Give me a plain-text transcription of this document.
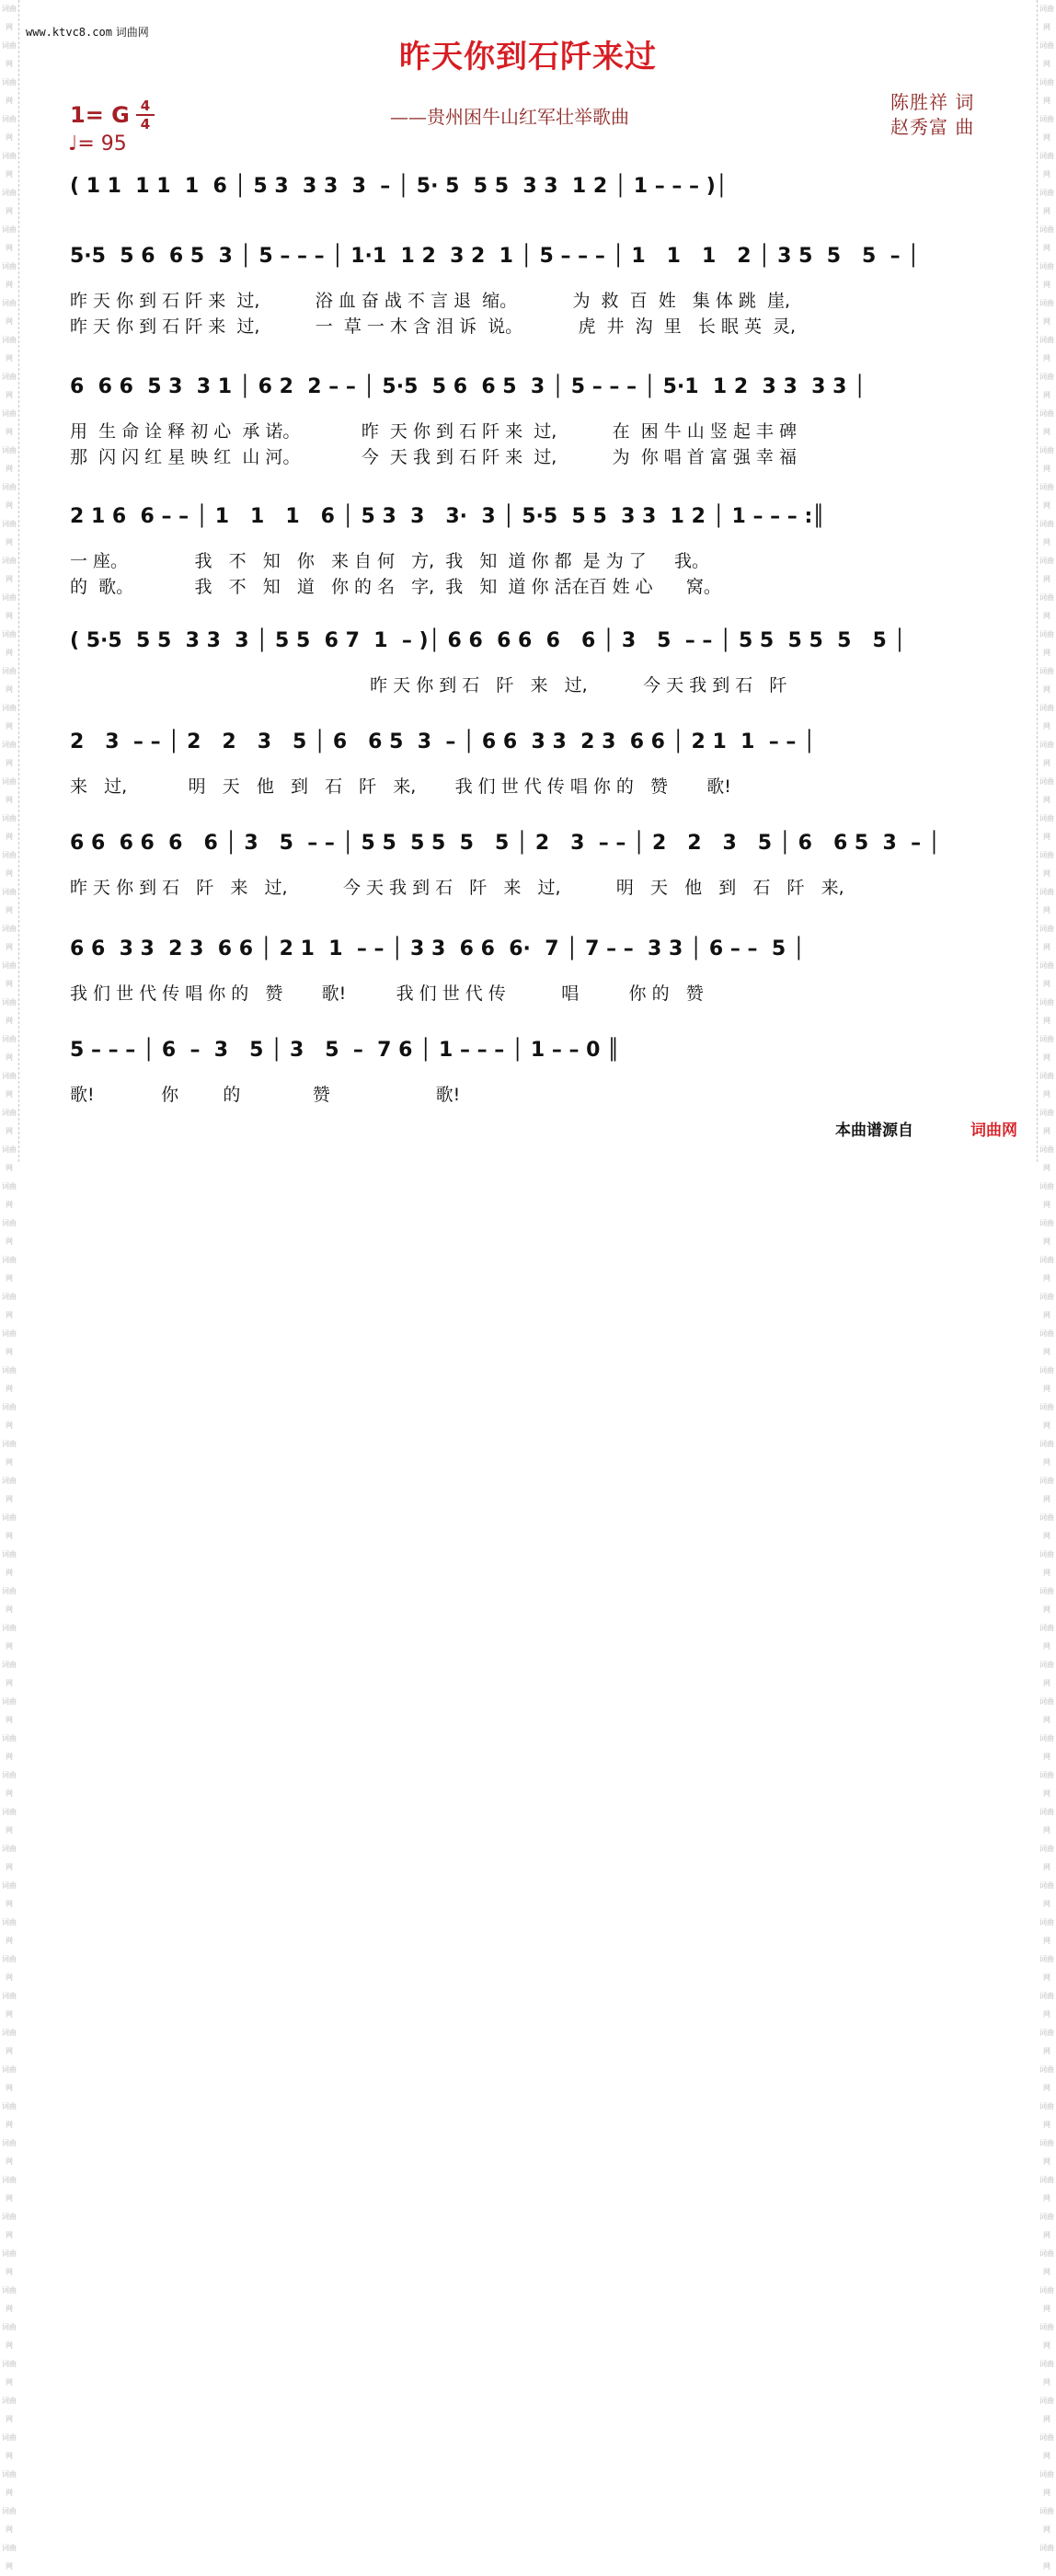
词曲网
词曲网
词曲网
词曲网
词曲网
词曲网
词曲网
词曲网
词曲网
词曲网
词曲网
词曲网
词曲网
词曲网
词曲网
词曲网
词曲网
词曲网
词曲网
词曲网
词曲网
词曲网
词曲网
词曲网
词曲网
词曲网
词曲网
词曲网
词曲网
词曲网
词曲网
词曲网
词曲网
词曲网
词曲网
词曲网
词曲网
词曲网
词曲网
词曲网
词曲网
词曲网
词曲网
词曲网
词曲网
词曲网
词曲网
词曲网
词曲网
词曲网
词曲网
词曲网
词曲网
词曲网
词曲网
词曲网
词曲网
词曲网
词曲网
词曲网
词曲网
词曲网
词曲网
词曲网
词曲网
词曲网
词曲网
词曲网
词曲网
词曲网
词曲网
词曲网
词曲网
词曲网
词曲网
词曲网
词曲网
词曲网
词曲网
词曲网
词曲网
词曲网
词曲网
词曲网
词曲网
词曲网
词曲网
词曲网
词曲网
词曲网
词曲网
词曲网
词曲网
词曲网
词曲网
词曲网
词曲网
词曲网
词曲网
词曲网
词曲网
词曲网
词曲网
词曲网
词曲网
词曲网
词曲网
词曲网
词曲网
词曲网
词曲网
词曲网
词曲网
词曲网
词曲网
词曲网
词曲网
词曲网
词曲网
词曲网
词曲网
词曲网
词曲网
词曲网
词曲网
词曲网
词曲网
词曲网
词曲网
词曲网
词曲网
词曲网
词曲网
词曲网
词曲网
词曲网
词曲网
词曲网
词曲网
词曲网
www.ktvc8.com 词曲网
昨天你到石阡来过
——贵州困牛山红军壮举歌曲
1= G 4
4
♩= 95
陈胜祥 词
赵秀富 曲
( 1 1  1 1  1  6 │ 5 3  3 3  3  – │ 5· 5  5 5  3 3  1 2 │ 1 – – – )│
5·5  5 6  6 5  3 │ 5 – – – │ 1·1  1 2  3 2  1 │ 5 – – – │ 1   1   1   2 │ 3 5  5   5  – │
昨 天 你 到 石 阡 来  过,          浴 血 奋 战 不 言 退  缩。          为  救  百  姓   集 体 跳  崖,
昨 天 你 到 石 阡 来  过,          一  草 一 木 含 泪 诉  说。          虎  井  沟  里   长 眠 英  灵,
6  6 6  5 3  3 1 │ 6 2  2 – – │ 5·5  5 6  6 5  3 │ 5 – – – │ 5·1  1 2  3 3  3 3 │
用  生 命 诠 释 初 心  承 诺。           昨  天 你 到 石 阡 来  过,          在  困 牛 山 竖 起 丰 碑
那  闪 闪 红 星 映 红  山 河。           今  天 我 到 石 阡 来  过,          为  你 唱 首 富 强 幸 福
2 1 6  6 – – │ 1   1   1   6 │ 5 3  3   3·  3 │ 5·5  5 5  3 3  1 2 │ 1 – – – :║
一 座。            我   不   知   你   来 自 何   方,  我   知  道 你 都  是 为 了     我。
的  歌。           我   不   知   道   你 的 名   字,  我   知  道 你 活在百 姓 心      窝。
( 5·5  5 5  3 3  3 │ 5 5  6 7  1  – )│ 6 6  6 6  6   6 │ 3   5  – – │ 5 5  5 5  5   5 │
昨 天 你 到 石   阡   来   过,          今 天 我 到 石   阡
2   3  – – │ 2   2   3   5 │ 6   6 5  3  – │ 6 6  3 3  2 3  6 6 │ 2 1  1  – – │
来   过,           明   天   他   到   石   阡   来,       我 们 世 代 传 唱 你 的   赞       歌!
6 6  6 6  6   6 │ 3   5  – – │ 5 5  5 5  5   5 │ 2   3  – – │ 2   2   3   5 │ 6   6 5  3  – │
昨 天 你 到 石   阡   来   过,          今 天 我 到 石   阡   来   过,          明   天   他   到   石   阡   来,
6 6  3 3  2 3  6 6 │ 2 1  1  – – │ 3 3  6 6  6·  7 │ 7 – –  3 3 │ 6 – –  5 │
我 们 世 代 传 唱 你 的   赞       歌!         我 们 世 代 传          唱         你 的   赞
5 – – – │ 6  –  3   5 │ 3   5  –  7 6 │ 1 – – – │ 1 – – 0 ║
歌!            你        的             赞                   歌!
本曲谱源自	词曲网
